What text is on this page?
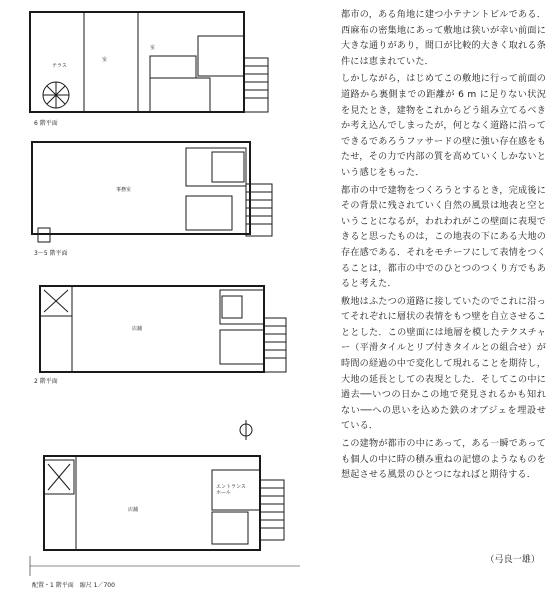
テラス
室
室
6 階平面
事務室
3～5 階平面
店舗
2 階平面
店舗
エントランス
ホール
配置・1 階平面　縮尺 1／700

都市の，ある角地に建つ小テナントビルである．西麻布の密集地にあって敷地は狭いが幸い前面に大きな通りがあり，間口が比較的大きく取れる条件には恵まれていた．

しかしながら，はじめてこの敷地に行って前面の道路から裏側までの距離が 6 m に足りない状況を見たとき，建物をこれからどう組み立てるべきか考え込んでしまったが，何となく道路に沿ってできるであろうファサードの壁に強い存在感をもたせ，その力で内部の質を高めていくしかないという感じをもった．

都市の中で建物をつくろうとするとき，完成後にその背景に残されていく自然の風景は地表と空ということになるが，われわれがこの壁面に表現できると思ったものは，この地表の下にある大地の存在感である．それをモチーフにして表情をつくることは，都市の中でのひとつのつくり方でもあると考えた．

敷地はふたつの道路に接していたのでこれに沿ってそれぞれに層状の表情をもつ壁を自立させることとした．この壁面には地層を模したテクスチャー（平滑タイルとリブ付きタイルとの組合せ）が時間の経過の中で変化して現れることを期待し，大地の延長としての表現とした．そしてこの中に過去──いつの日かこの地で発見されるかも知れない──への思いを込めた鉄のオブジェを埋設せている．

この建物が都市の中にあって，ある一瞬であっても個人の中に時の積み重ねの記憶のようなものを想起させる風景のひとつになればと期待する．

（弓良一雄）
